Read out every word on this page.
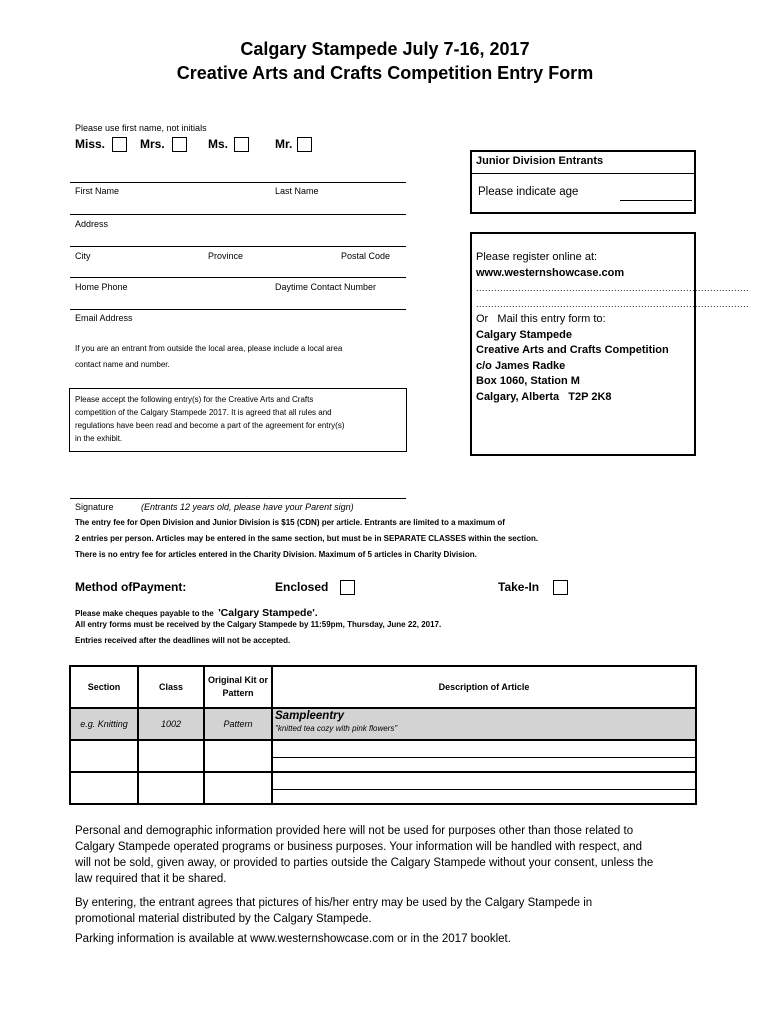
Calgary Stampede July 7-16, 2017
Creative Arts and Crafts Competition Entry Form
Please use first name, not initials
Miss.	Mrs.	Ms.	Mr.
First Name	Last Name
Address
City	Province	Postal Code
Home Phone	Daytime Contact Number
Email Address
If you are an entrant from outside the local area, please include a local area
contact name and number.
Please accept the following entry(s) for the Creative Arts and Crafts
competition of the Calgary Stampede 2017. It is agreed that all rules and
regulations have been read and become a part of the agreement for entry(s)
in the exhibit.
Junior Division Entrants
Please indicate age
Please register online at:
www.westernshowcase.com
...........................................................................................
...........................................................................................
Or Mail this entry form to:
Calgary Stampede
Creative Arts and Crafts Competition
c/o James Radke
Box 1060, Station M
Calgary, Alberta   T2P 2K8
Signature	(Entrants 12 years old, please have your Parent sign)
The entry fee for Open Division and Junior Division is $15 (CDN) per article. Entrants are limited to a maximum of
2 entries per person. Articles may be entered in the same section, but must be in SEPARATE CLASSES within the section.
There is no entry fee for articles entered in the Charity Division. Maximum of 5 articles in Charity Division.
Method ofPayment:	Enclosed	Take-In
Please make cheques payable to the 'Calgary Stampede'.
All entry forms must be received by the Calgary Stampede by 11:59pm, Thursday, June 22, 2017.
Entries received after the deadlines will not be accepted.
Section	Class	Original Kit or Pattern	Description of Article
e.g. Knitting	1002	Pattern	Sampleentry
"knitted tea cozy with pink flowers"

Personal and demographic information provided here will not be used for purposes other than those related to
Calgary Stampede operated programs or business purposes. Your information will be handled with respect, and
will not be sold, given away, or provided to parties outside the Calgary Stampede without your consent, unless the
law required that it be shared.
By entering, the entrant agrees that pictures of his/her entry may be used by the Calgary Stampede in
promotional material distributed by the Calgary Stampede.
Parking information is available at www.westernshowcase.com or in the 2017 booklet.
